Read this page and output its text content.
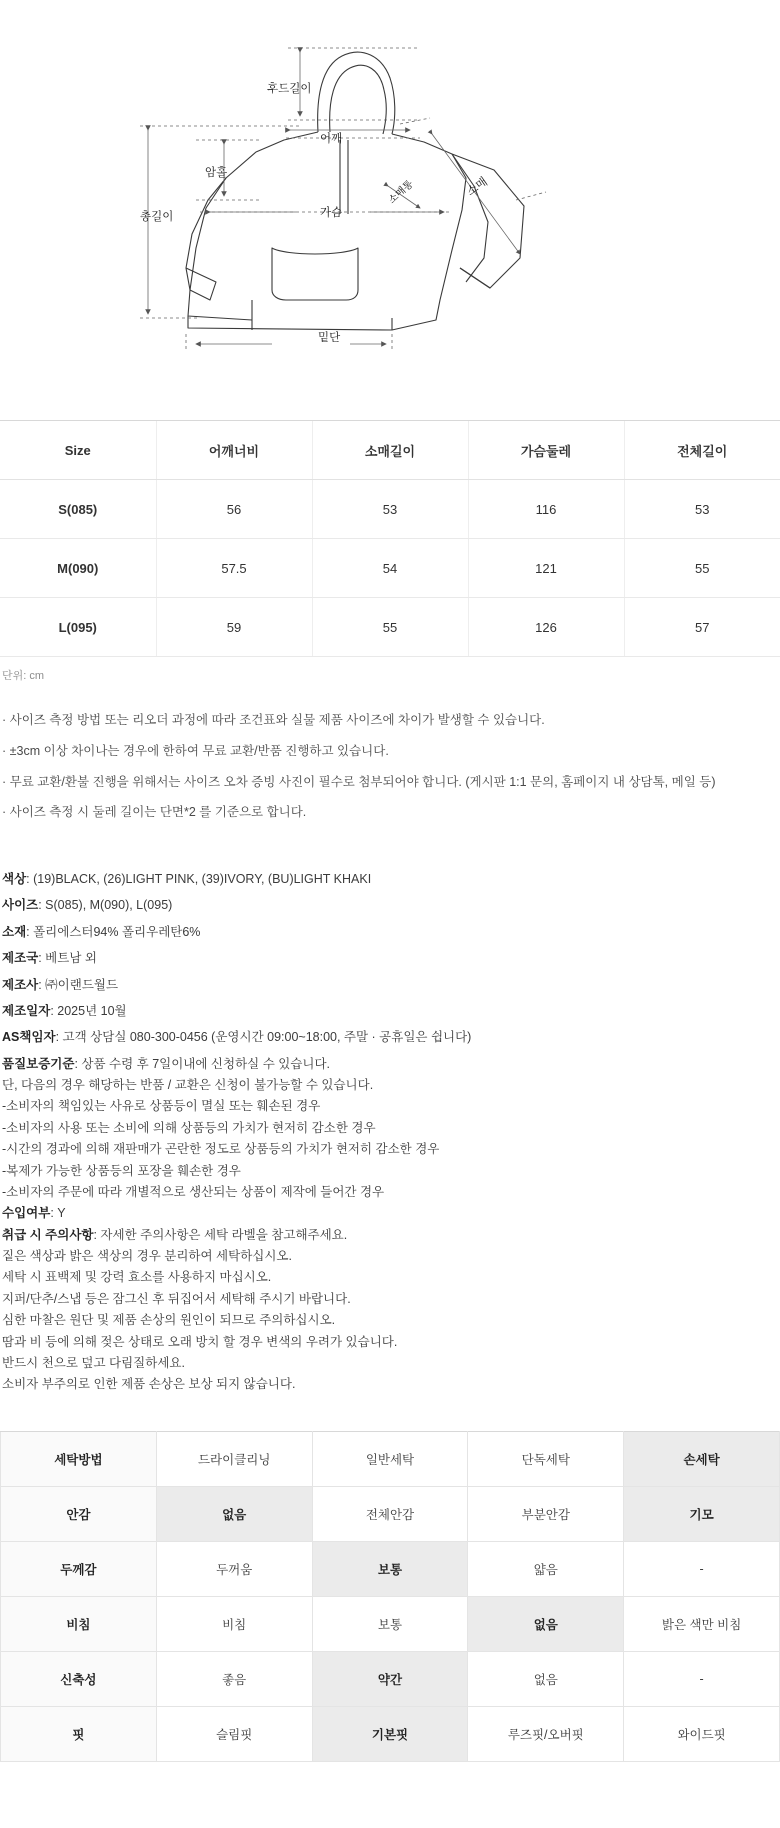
후드길이
어깨
암홀
가슴
총길이
밑단
소매
소매통
Size	어깨너비	소매길이	가슴둘레	전체길이
S(085)	56	53	116	53
M(090)	57.5	54	121	55
L(095)	59	55	126	57
단위: cm

· 사이즈 측정 방법 또는 리오더 과정에 따라 조건표와 실물 제품 사이즈에 차이가 발생할 수 있습니다.

· ±3cm 이상 차이나는 경우에 한하여 무료 교환/반품 진행하고 있습니다.

· 무료 교환/환불 진행을 위해서는 사이즈 오차 증빙 사진이 필수로 첨부되어야 합니다. (게시판 1:1 문의, 홈페이지 내 상담톡, 메일 등)

· 사이즈 측정 시 둘레 길이는 단면*2 를 기준으로 합니다.

색상: (19)BLACK, (26)LIGHT PINK, (39)IVORY, (BU)LIGHT KHAKI

사이즈: S(085), M(090), L(095)

소재: 폴리에스터94% 폴리우레탄6%

제조국: 베트남 외

제조사: ㈜이랜드월드

제조일자: 2025년 10월

AS책임자: 고객 상담실 080-300-0456 (운영시간 09:00~18:00, 주말 · 공휴일은 쉽니다)

품질보증기준: 상품 수령 후 7일이내에 신청하실 수 있습니다.

단, 다음의 경우 해당하는 반품 / 교환은 신청이 불가능할 수 있습니다.

-소비자의 책임있는 사유로 상품등이 멸실 또는 훼손된 경우

-소비자의 사용 또는 소비에 의해 상품등의 가치가 현저히 감소한 경우

-시간의 경과에 의해 재판매가 곤란한 정도로 상품등의 가치가 현저히 감소한 경우

-복제가 가능한 상품등의 포장을 훼손한 경우

-소비자의 주문에 따라 개별적으로 생산되는 상품이 제작에 들어간 경우

수입여부: Y

취급 시 주의사항: 자세한 주의사항은 세탁 라벨을 참고해주세요.

짙은 색상과 밝은 색상의 경우 분리하여 세탁하십시오.

세탁 시 표백제 및 강력 효소를 사용하지 마십시오.

지퍼/단추/스냅 등은 잠그신 후 뒤집어서 세탁해 주시기 바랍니다.

심한 마찰은 원단 및 제품 손상의 원인이 되므로 주의하십시오.

땀과 비 등에 의해 젖은 상태로 오래 방치 할 경우 변색의 우려가 있습니다.

반드시 천으로 덮고 다림질하세요.

소비자 부주의로 인한 제품 손상은 보상 되지 않습니다.

세탁방법	드라이클리닝	일반세탁	단독세탁	손세탁
안감	없음	전체안감	부분안감	기모
두께감	두꺼움	보통	얇음	-
비침	비침	보통	없음	밝은 색만 비침
신축성	좋음	약간	없음	-
핏	슬림핏	기본핏	루즈핏/오버핏	와이드핏
